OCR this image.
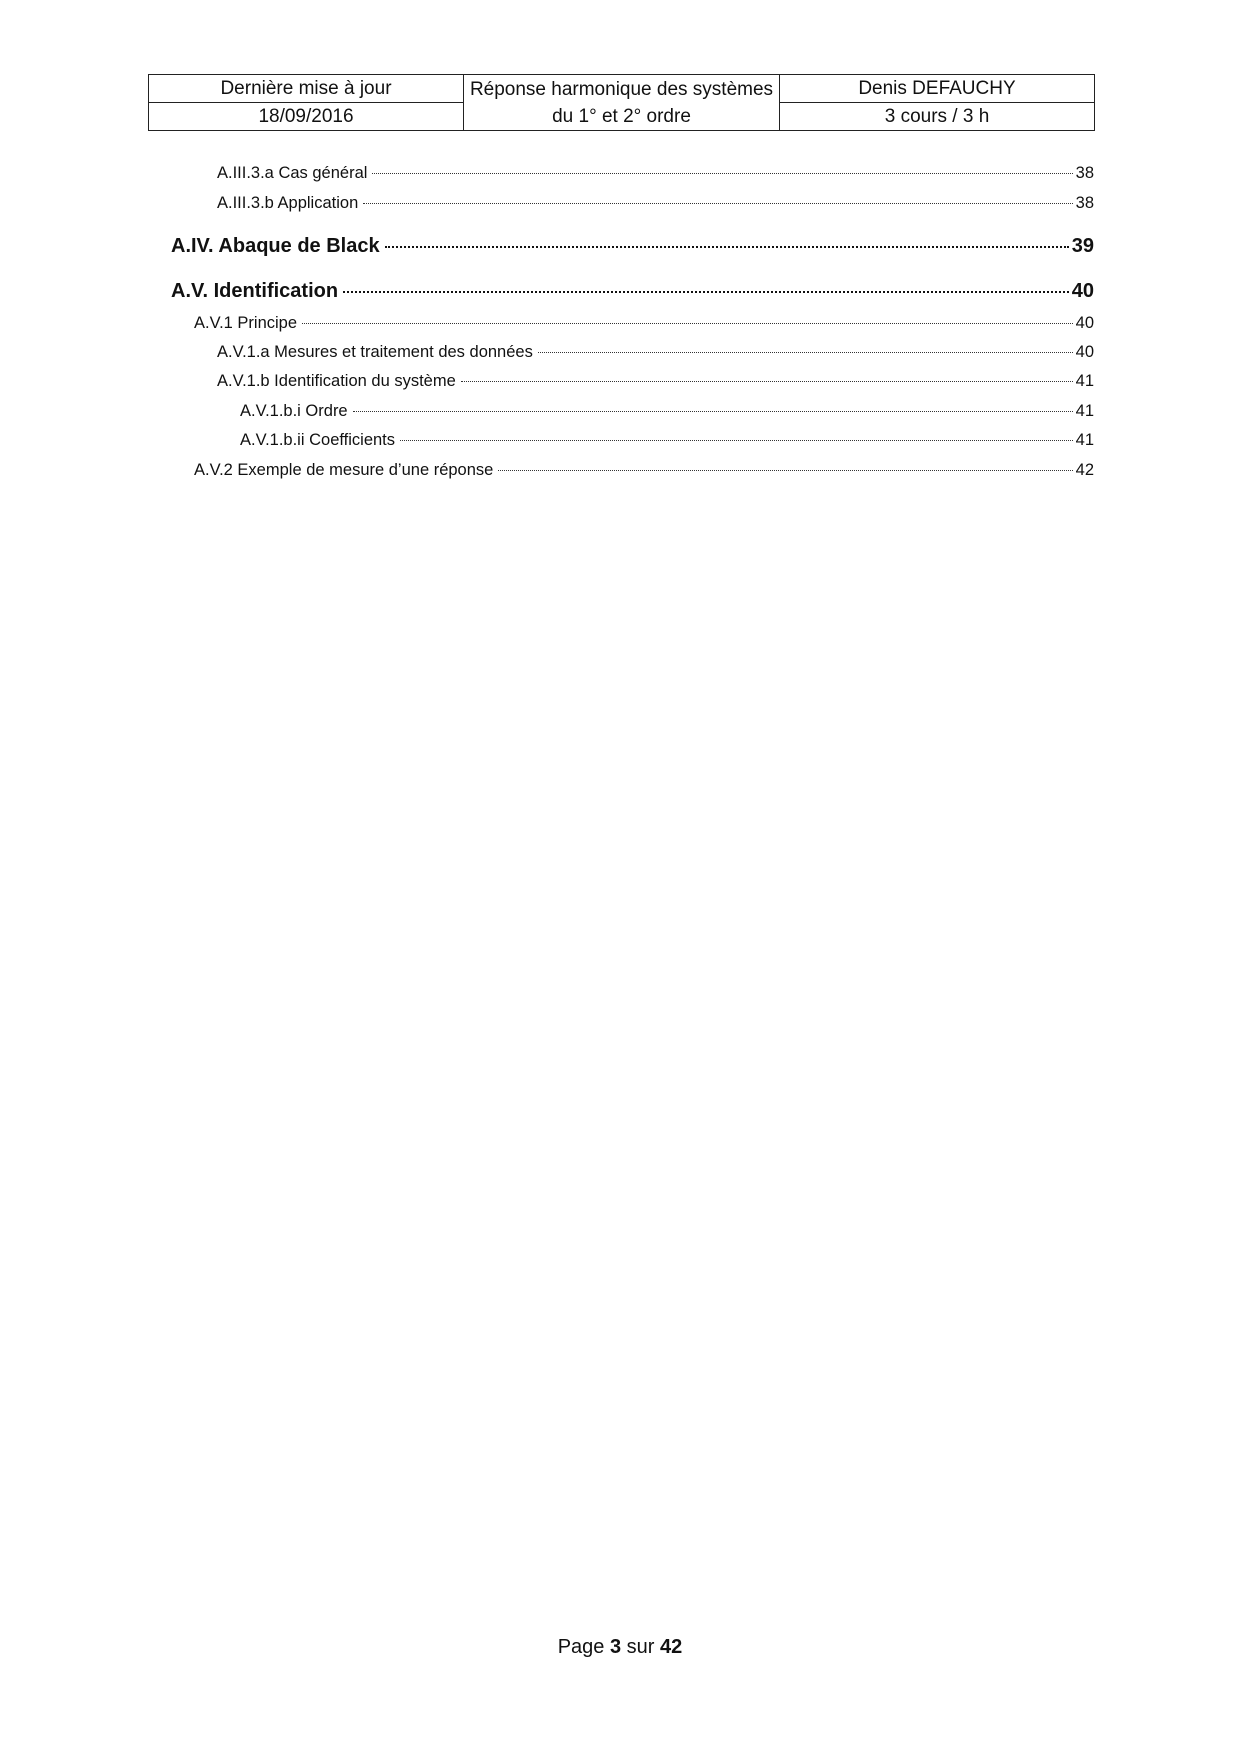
Dernière mise à jour	Réponse harmonique des systèmes du 1° et 2° ordre	Denis DEFAUCHY
18/09/2016		3 cours / 3 h
A.III.3.a Cas général	38
A.III.3.b Application	38
A.IV. Abaque de Black	39
A.V. Identification	40
A.V.1 Principe	40
A.V.1.a Mesures et traitement des données	40
A.V.1.b Identification du système	41
A.V.1.b.i Ordre	41
A.V.1.b.ii Coefficients	41
A.V.2 Exemple de mesure d’une réponse	42
Page 3 sur 42
